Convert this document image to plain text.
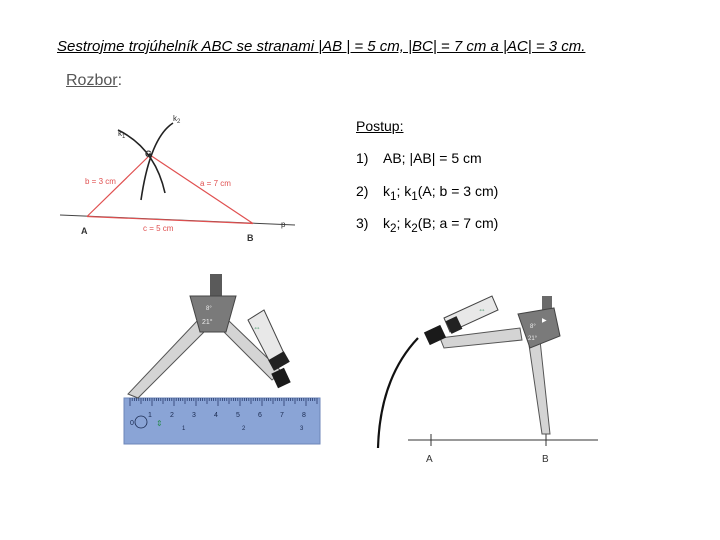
Sestrojme trojúhelník ABC se stranami |AB | = 5 cm, |BC| = 7 cm a |AC| = 3 cm.
Rozbor:
$k_1$
$k_2$
C
b = 3 cm	a = 7 cm
c = 5 cm
A
B
p
Postup:
1) AB; |AB| = 5 cm
2) $k_1$; $k_1(A$; b = 3 cm)
3) $k_2$; $k_2(B$; a = 7 cm)
0
1	2	3	4	5	6	7	8
1	2	3
⇕
⇔
8°
21°
A	B
⇔
▶
8°
21°
